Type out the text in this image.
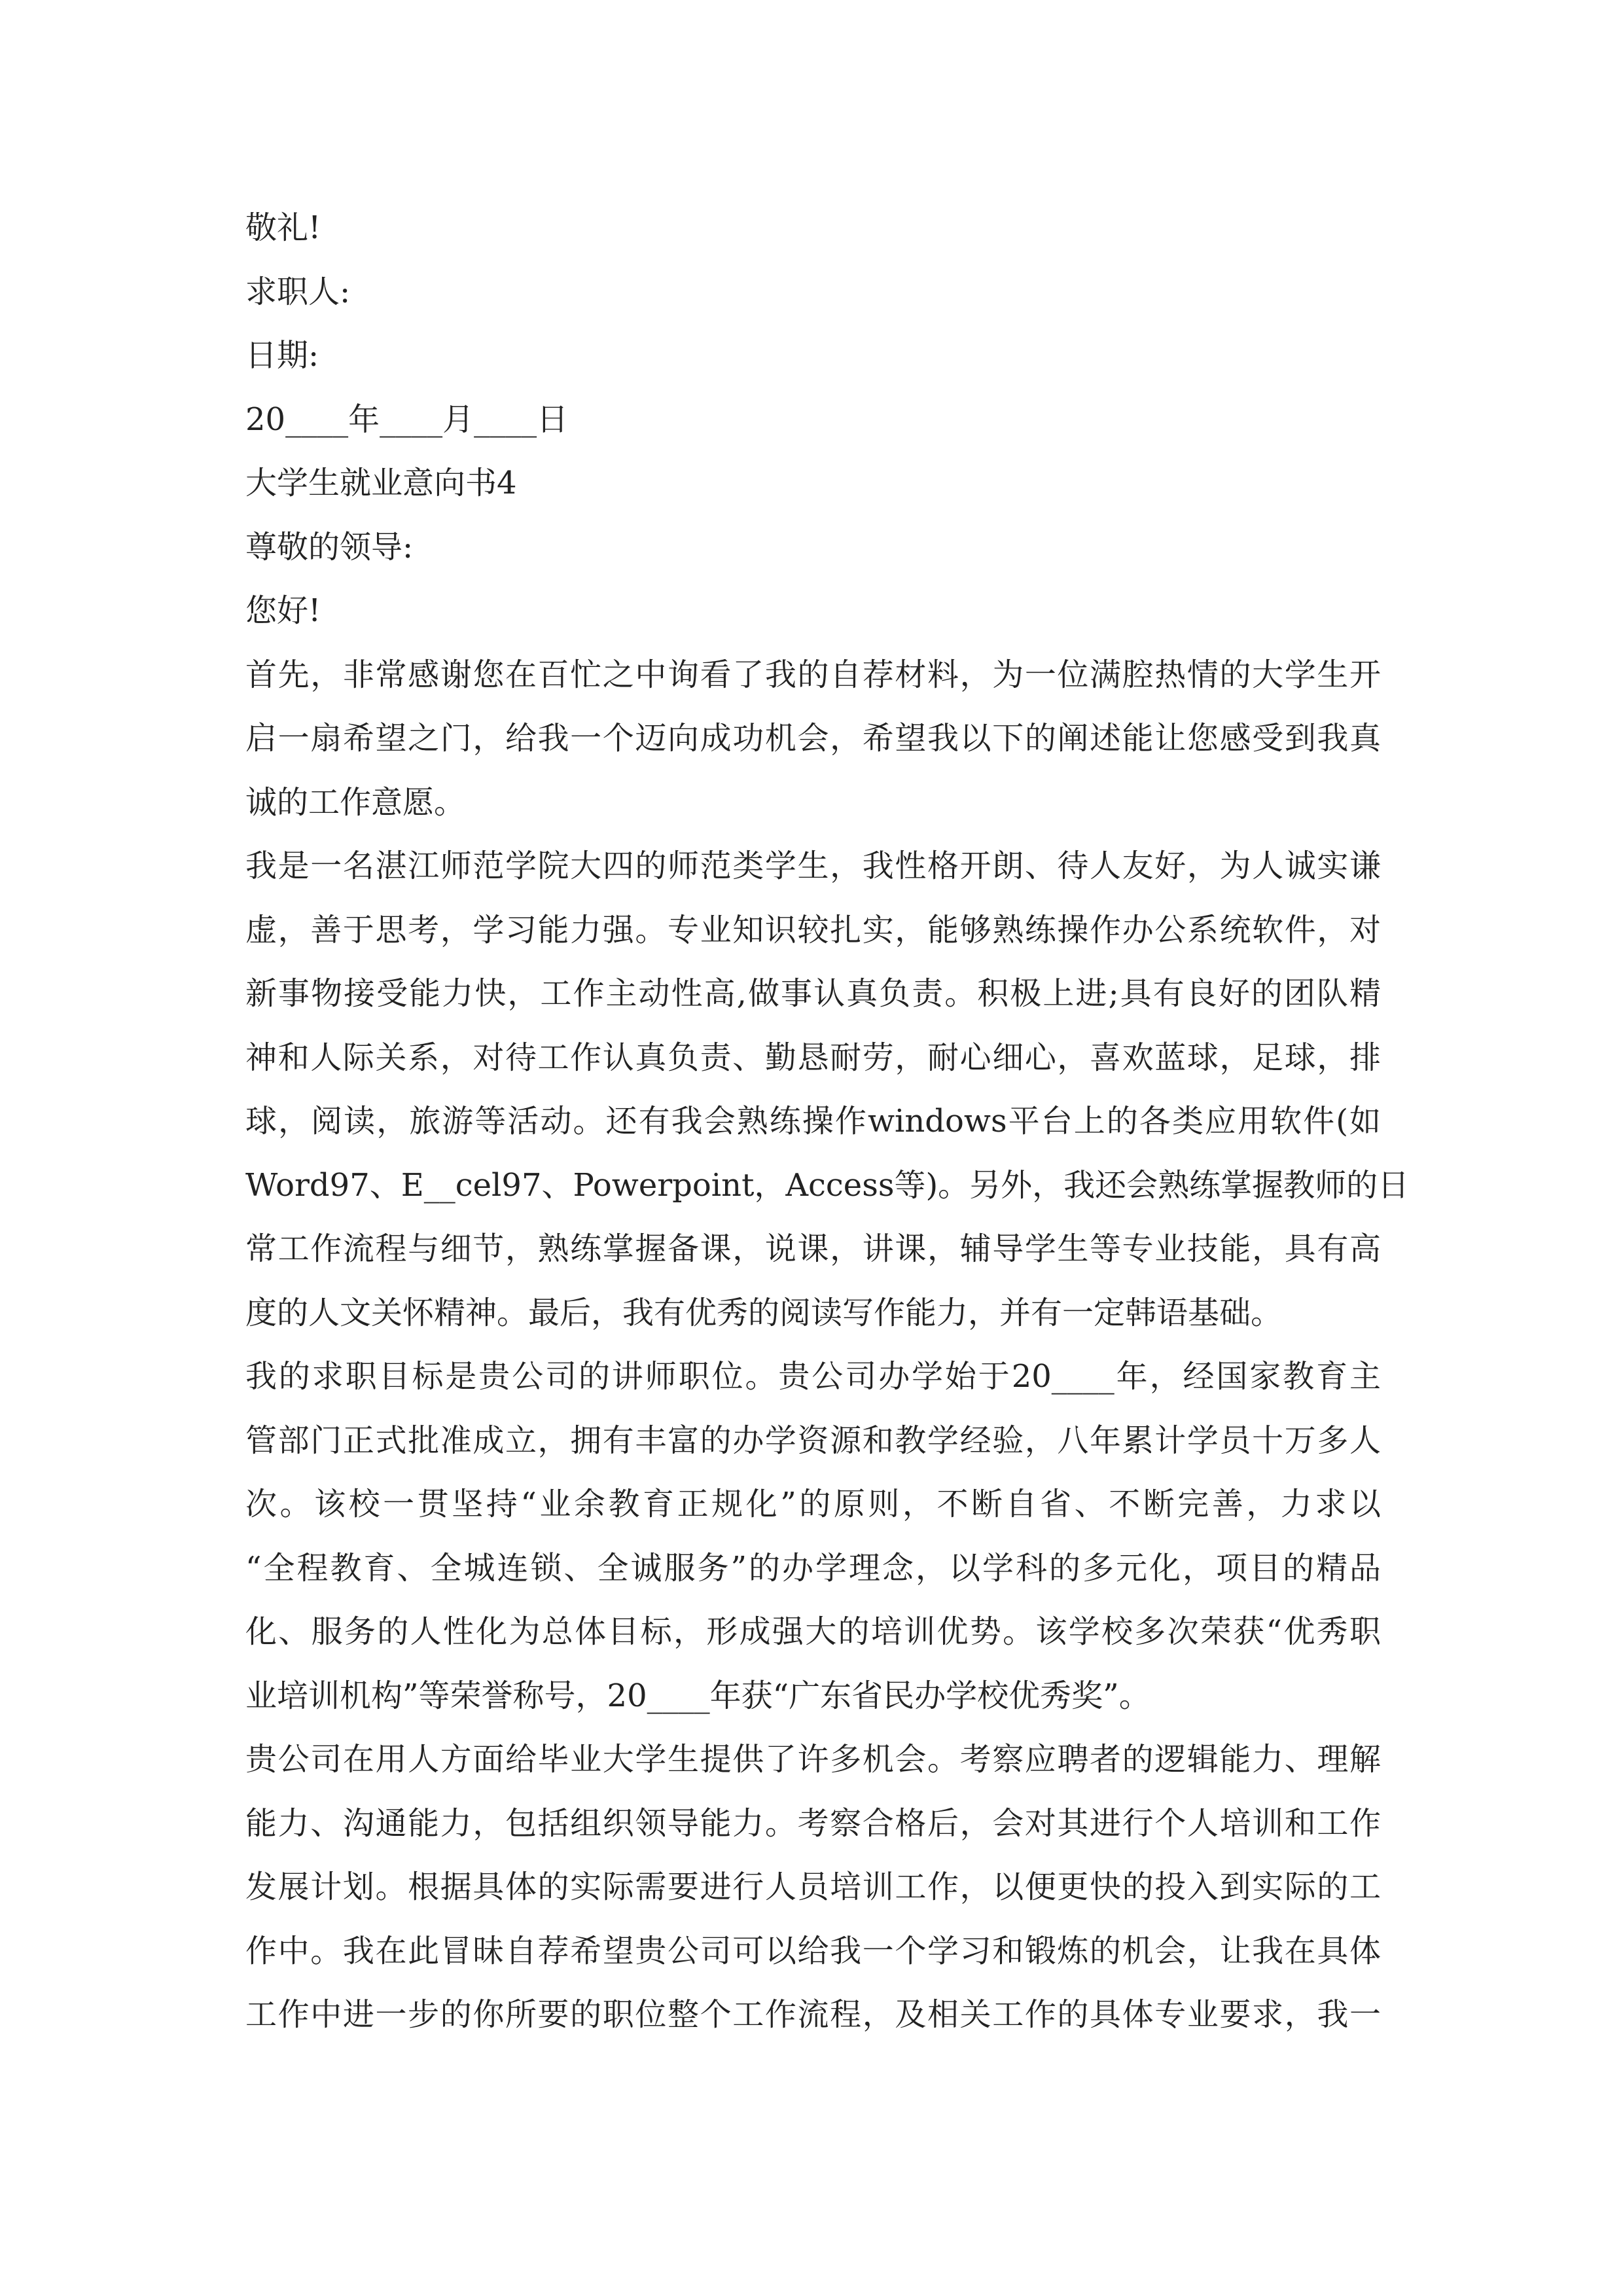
敬礼!
求职人:
日期:
20____年____月____日
大学生就业意向书4
尊敬的领导:
您好!
首先，非常感谢您在百忙之中询看了我的自荐材料，为一位满腔热情的大学生开
启一扇希望之门，给我一个迈向成功机会，希望我以下的阐述能让您感受到我真
诚的工作意愿。
我是一名湛江师范学院大四的师范类学生，我性格开朗、待人友好，为人诚实谦
虚，善于思考，学习能力强。专业知识较扎实，能够熟练操作办公系统软件，对
新事物接受能力快，工作主动性高,做事认真负责。积极上进;具有良好的团队精
神和人际关系，对待工作认真负责、勤恳耐劳，耐心细心，喜欢蓝球，足球，排
球，阅读，旅游等活动。还有我会熟练操作windows平台上的各类应用软件(如
Word97、E__cel97、Powerpoint，Access等)。另外，我还会熟练掌握教师的日
常工作流程与细节，熟练掌握备课，说课，讲课，辅导学生等专业技能，具有高
度的人文关怀精神。最后，我有优秀的阅读写作能力，并有一定韩语基础。
我的求职目标是贵公司的讲师职位。贵公司办学始于20____年，经国家教育主
管部门正式批准成立，拥有丰富的办学资源和教学经验，八年累计学员十万多人
次。该校一贯坚持“业余教育正规化”的原则，不断自省、不断完善，力求以
“全程教育、全城连锁、全诚服务”的办学理念，以学科的多元化，项目的精品
化、服务的人性化为总体目标，形成强大的培训优势。该学校多次荣获“优秀职
业培训机构”等荣誉称号，20____年获“广东省民办学校优秀奖”。
贵公司在用人方面给毕业大学生提供了许多机会。考察应聘者的逻辑能力、理解
能力、沟通能力，包括组织领导能力。考察合格后，会对其进行个人培训和工作
发展计划。根据具体的实际需要进行人员培训工作，以便更快的投入到实际的工
作中。我在此冒昧自荐希望贵公司可以给我一个学习和锻炼的机会，让我在具体
工作中进一步的你所要的职位整个工作流程，及相关工作的具体专业要求，我一
